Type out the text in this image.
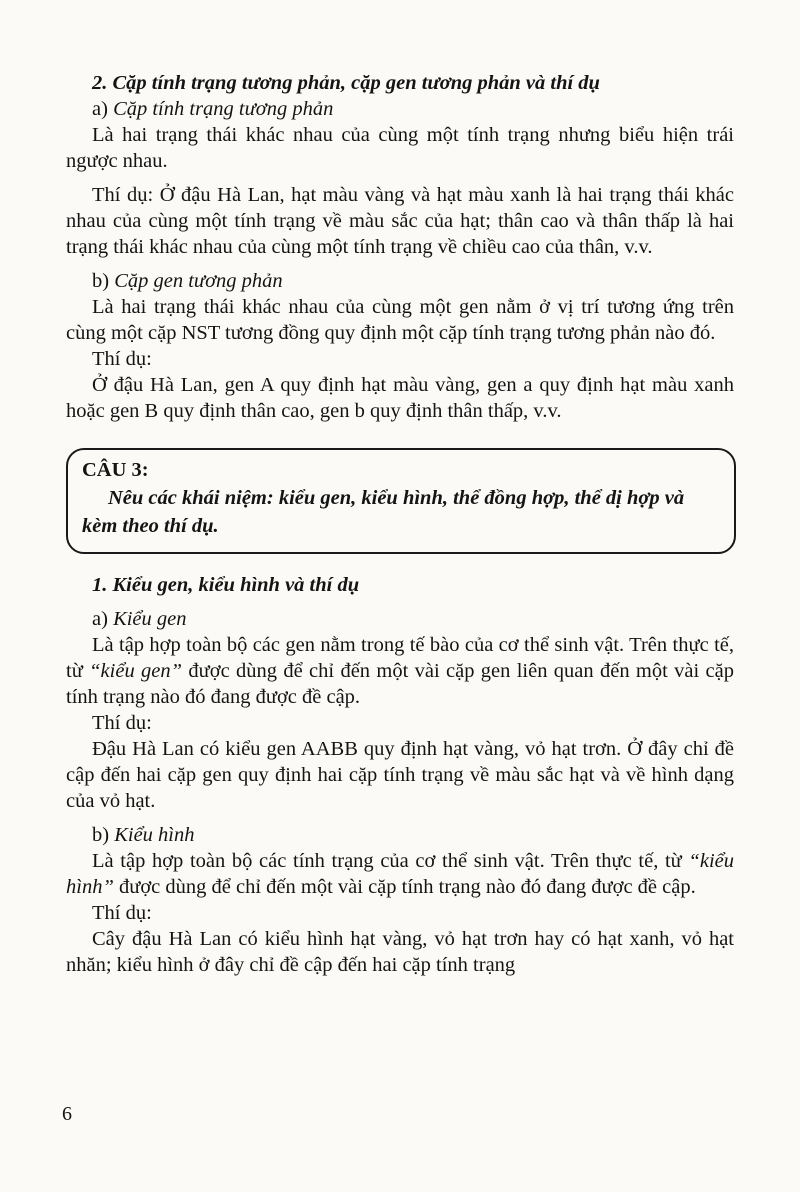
2. Cặp tính trạng tương phản, cặp gen tương phản và thí dụ

a) Cặp tính trạng tương phản

Là hai trạng thái khác nhau của cùng một tính trạng nhưng biểu hiện trái ngược nhau.

Thí dụ: Ở đậu Hà Lan, hạt màu vàng và hạt màu xanh là hai trạng thái khác nhau của cùng một tính trạng về màu sắc của hạt; thân cao và thân thấp là hai trạng thái khác nhau của cùng một tính trạng về chiều cao của thân, v.v.

b) Cặp gen tương phản

Là hai trạng thái khác nhau của cùng một gen nằm ở vị trí tương ứng trên cùng một cặp NST tương đồng quy định một cặp tính trạng tương phản nào đó.

Thí dụ:

Ở đậu Hà Lan, gen A quy định hạt màu vàng, gen a quy định hạt màu xanh hoặc gen B quy định thân cao, gen b quy định thân thấp, v.v.

CÂU 3:
Nêu các khái niệm: kiểu gen, kiểu hình, thể đồng hợp, thể dị hợp và kèm theo thí dụ.

1. Kiểu gen, kiểu hình và thí dụ

a) Kiểu gen

Là tập hợp toàn bộ các gen nằm trong tế bào của cơ thể sinh vật. Trên thực tế, từ “kiểu gen” được dùng để chỉ đến một vài cặp gen liên quan đến một vài cặp tính trạng nào đó đang được đề cập.

Thí dụ:

Đậu Hà Lan có kiểu gen AABB quy định hạt vàng, vỏ hạt trơn. Ở đây chỉ đề cập đến hai cặp gen quy định hai cặp tính trạng về màu sắc hạt và về hình dạng của vỏ hạt.

b) Kiểu hình

Là tập hợp toàn bộ các tính trạng của cơ thể sinh vật. Trên thực tế, từ “kiểu hình” được dùng để chỉ đến một vài cặp tính trạng nào đó đang được đề cập.

Thí dụ:

Cây đậu Hà Lan có kiểu hình hạt vàng, vỏ hạt trơn hay có hạt xanh, vỏ hạt nhăn; kiểu hình ở đây chỉ đề cập đến hai cặp tính trạng

6
